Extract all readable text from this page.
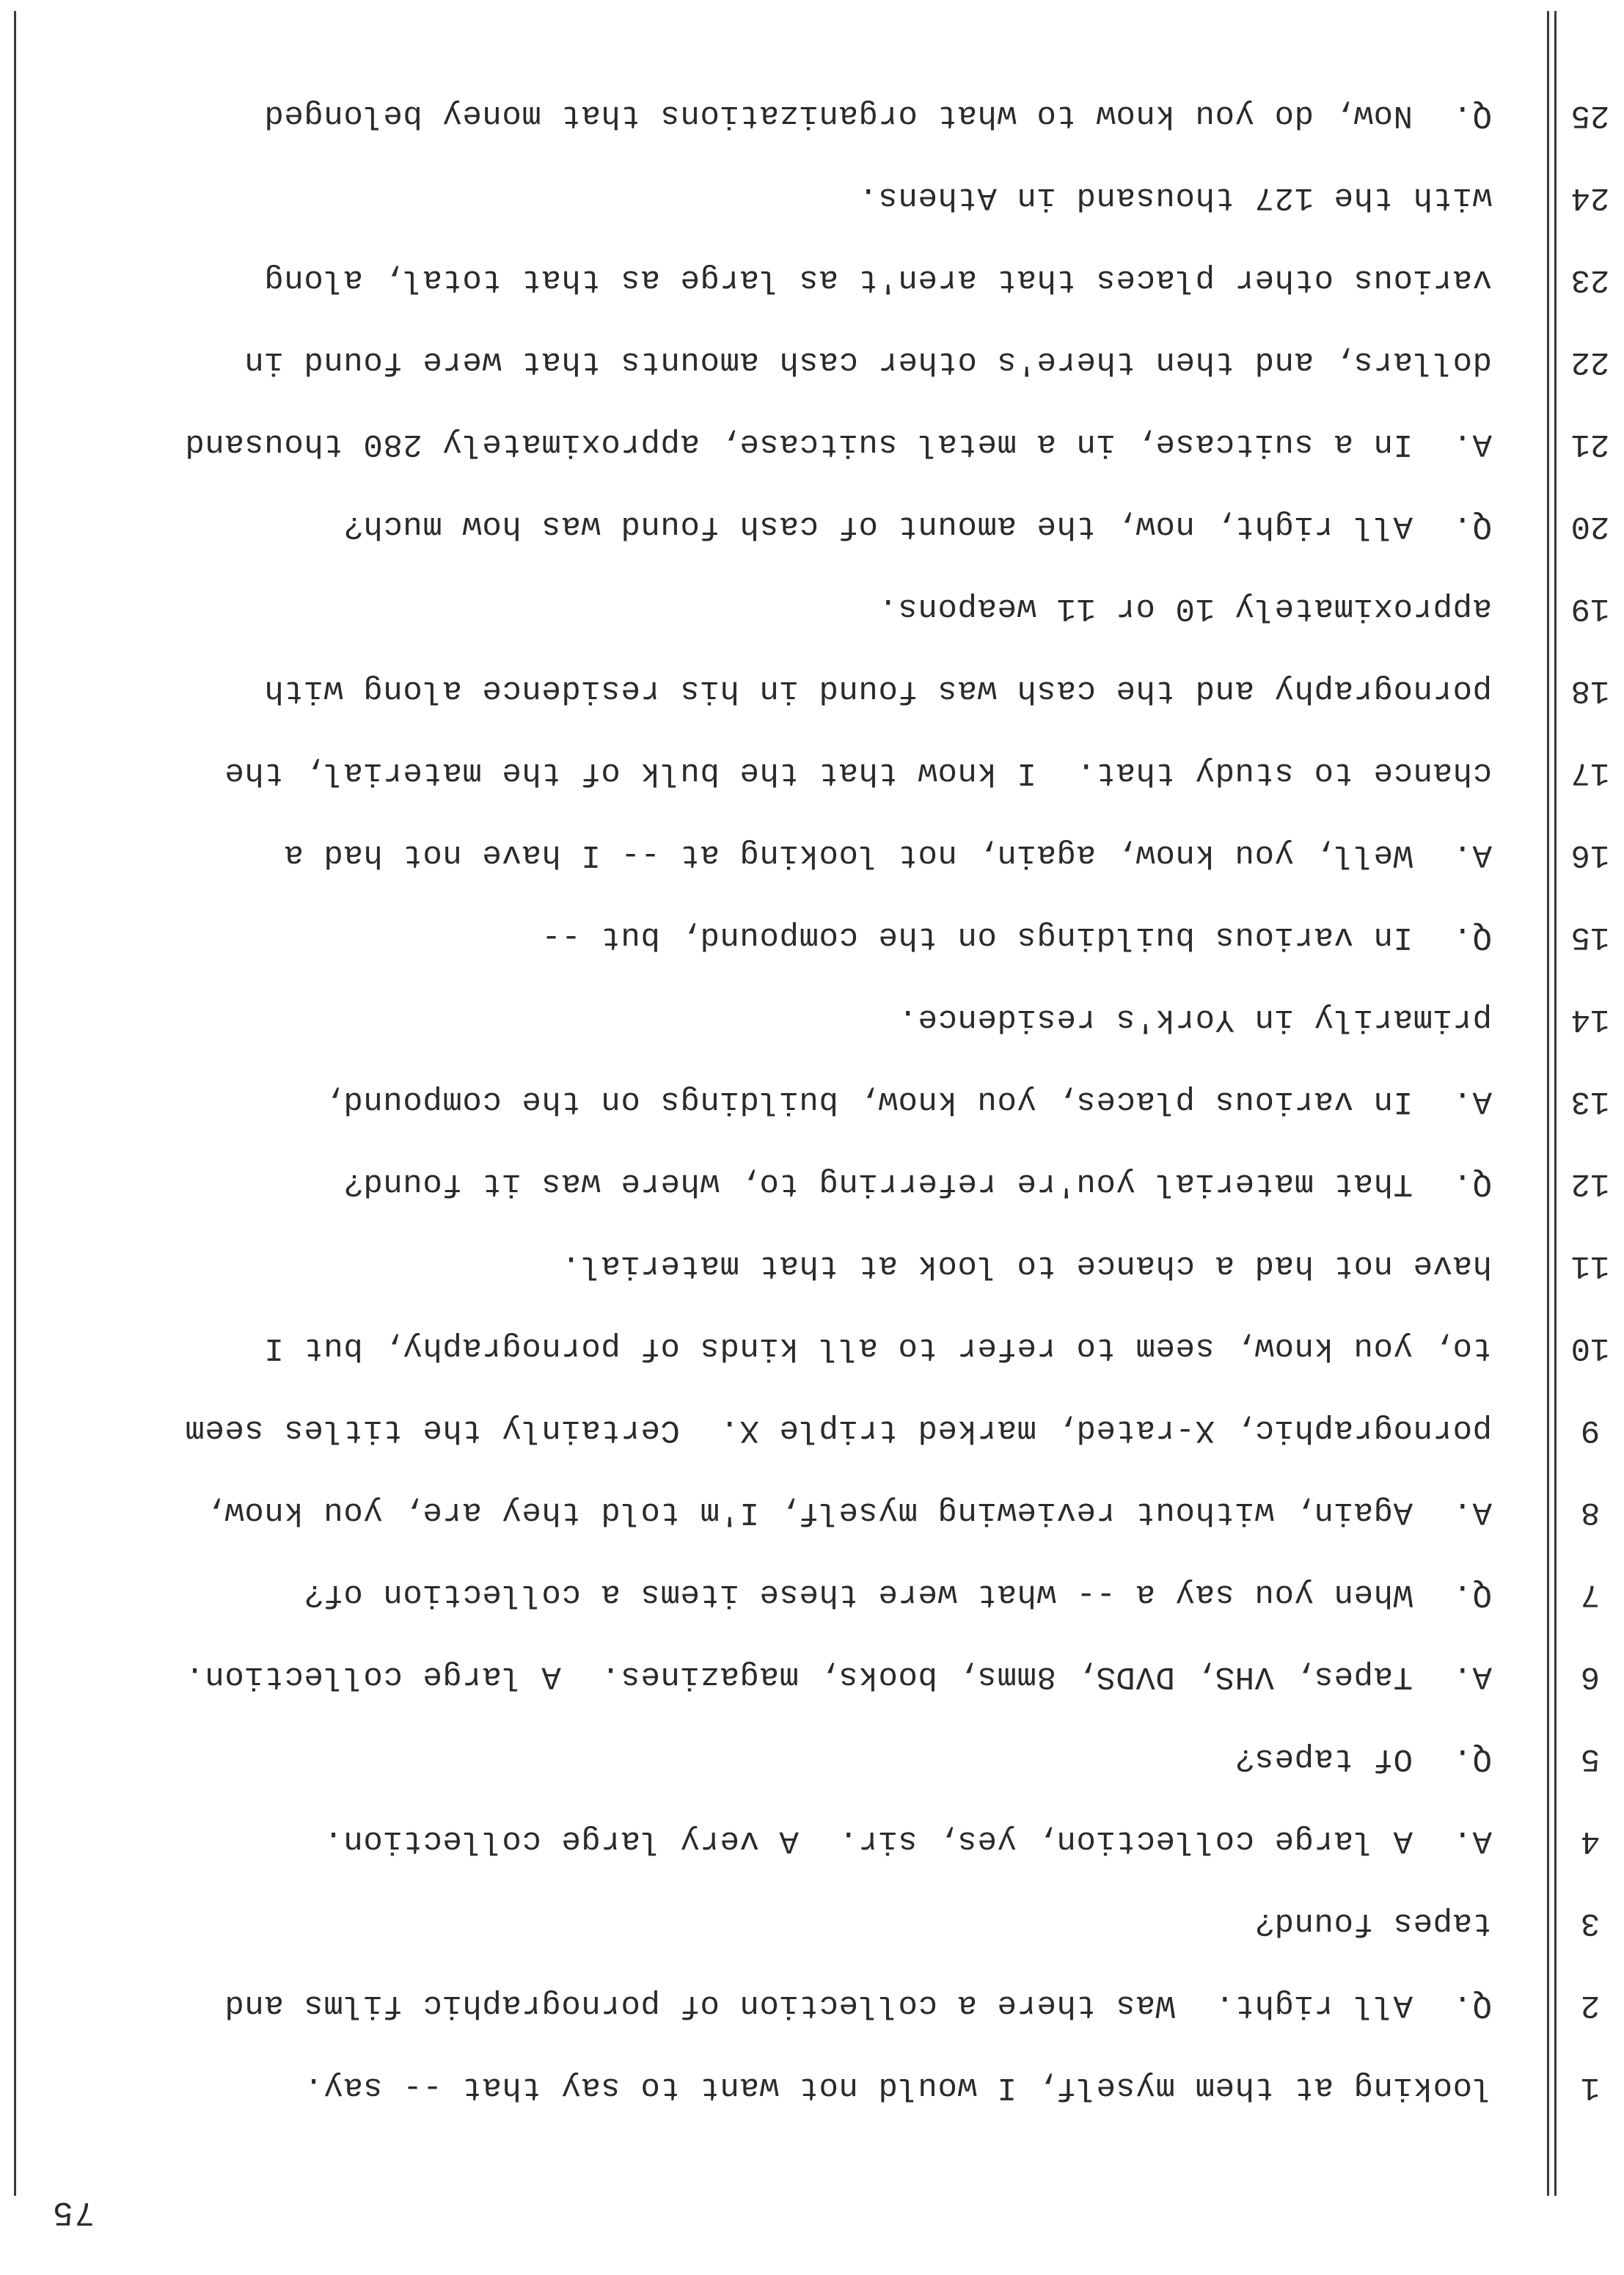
75
1
looking at them myself, I would not want to say that -- say.
2
Q.  All right.  Was there a collection of pornographic films and
3
tapes found?
4
A.  A large collection, yes, sir.  A very large collection.
5
Q.  Of tapes?
6
A.  Tapes, VHS, DVDS, 8mms, books, magazines.  A large collection.
7
Q.  When you say a -- what were these items a collection of?
8
A.  Again, without reviewing myself, I'm told they are, you know,
9
pornographic, X-rated, marked triple X.  Certainly the titles seem
10
to, you know, seem to refer to all kinds of pornography, but I
11
have not had a chance to look at that material.
12
Q.  That material you're referring to, where was it found?
13
A.  In various places, you know, buildings on the compound,
14
primarily in York's residence.
15
Q.  In various buildings on the compound, but --
16
A.  Well, you know, again, not looking at -- I have not had a
17
chance to study that.  I know that the bulk of the material, the
18
pornography and the cash was found in his residence along with
19
approximately 10 or 11 weapons.
20
Q.  All right, now, the amount of cash found was how much?
21
A.  In a suitcase, in a metal suitcase, approximately 280 thousand
22
dollars, and then there's other cash amounts that were found in
23
various other places that aren't as large as that total, along
24
with the 127 thousand in Athens.
25
Q.  Now, do you know to what organizations that money belonged
